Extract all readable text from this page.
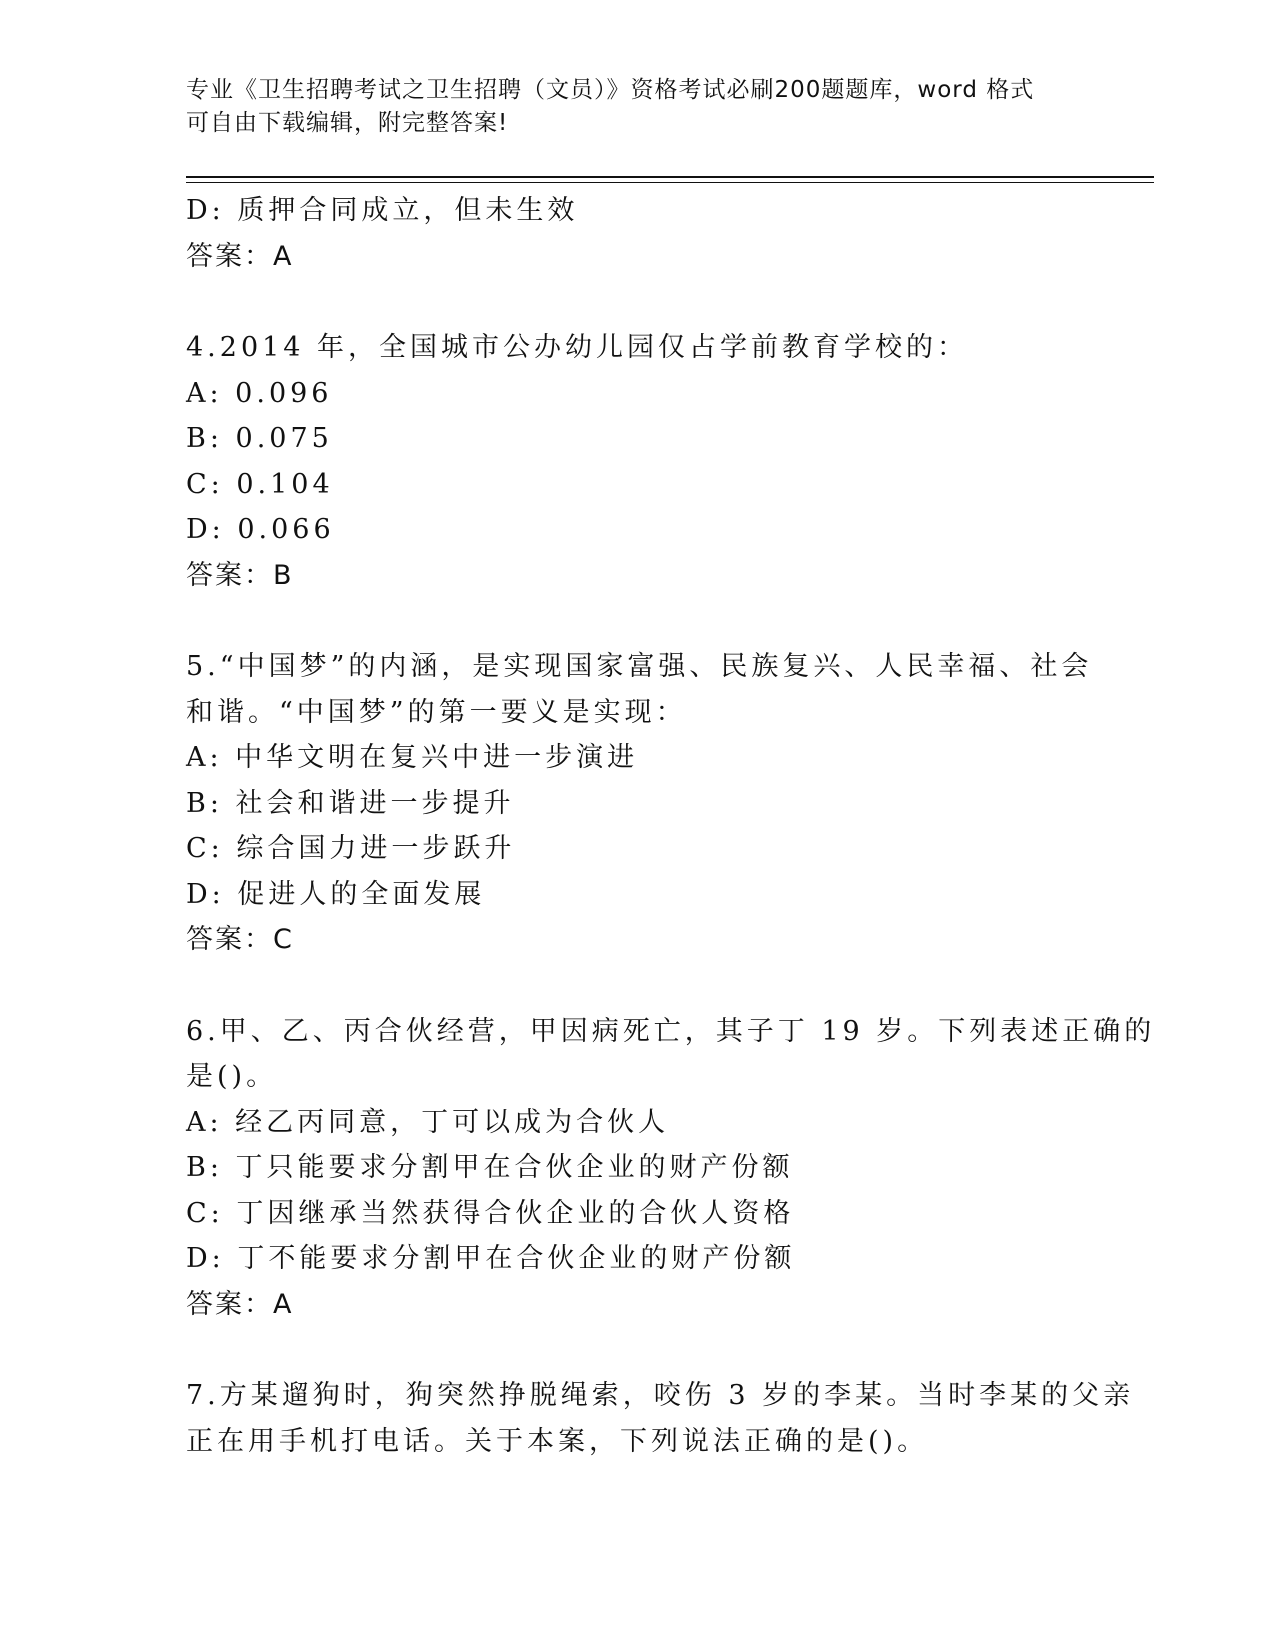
专业《卫生招聘考试之卫生招聘（文员）》资格考试必刷200题题库，word 格式
可自由下载编辑，附完整答案!
D: 质押合同成立，但未生效
答案：A
4.2014 年，全国城市公办幼儿园仅占学前教育学校的：
A: 0.096
B: 0.075
C: 0.104
D: 0.066
答案：B
5.“中国梦”的内涵，是实现国家富强、民族复兴、人民幸福、社会
和谐。“中国梦”的第一要义是实现：
A: 中华文明在复兴中进一步演进
B: 社会和谐进一步提升
C: 综合国力进一步跃升
D: 促进人的全面发展
答案：C
6.甲、乙、丙合伙经营，甲因病死亡，其子丁 19 岁。下列表述正确的
是()。
A: 经乙丙同意，丁可以成为合伙人
B: 丁只能要求分割甲在合伙企业的财产份额
C: 丁因继承当然获得合伙企业的合伙人资格
D: 丁不能要求分割甲在合伙企业的财产份额
答案：A
7.方某遛狗时，狗突然挣脱绳索，咬伤 3 岁的李某。当时李某的父亲
正在用手机打电话。关于本案，下列说法正确的是()。
